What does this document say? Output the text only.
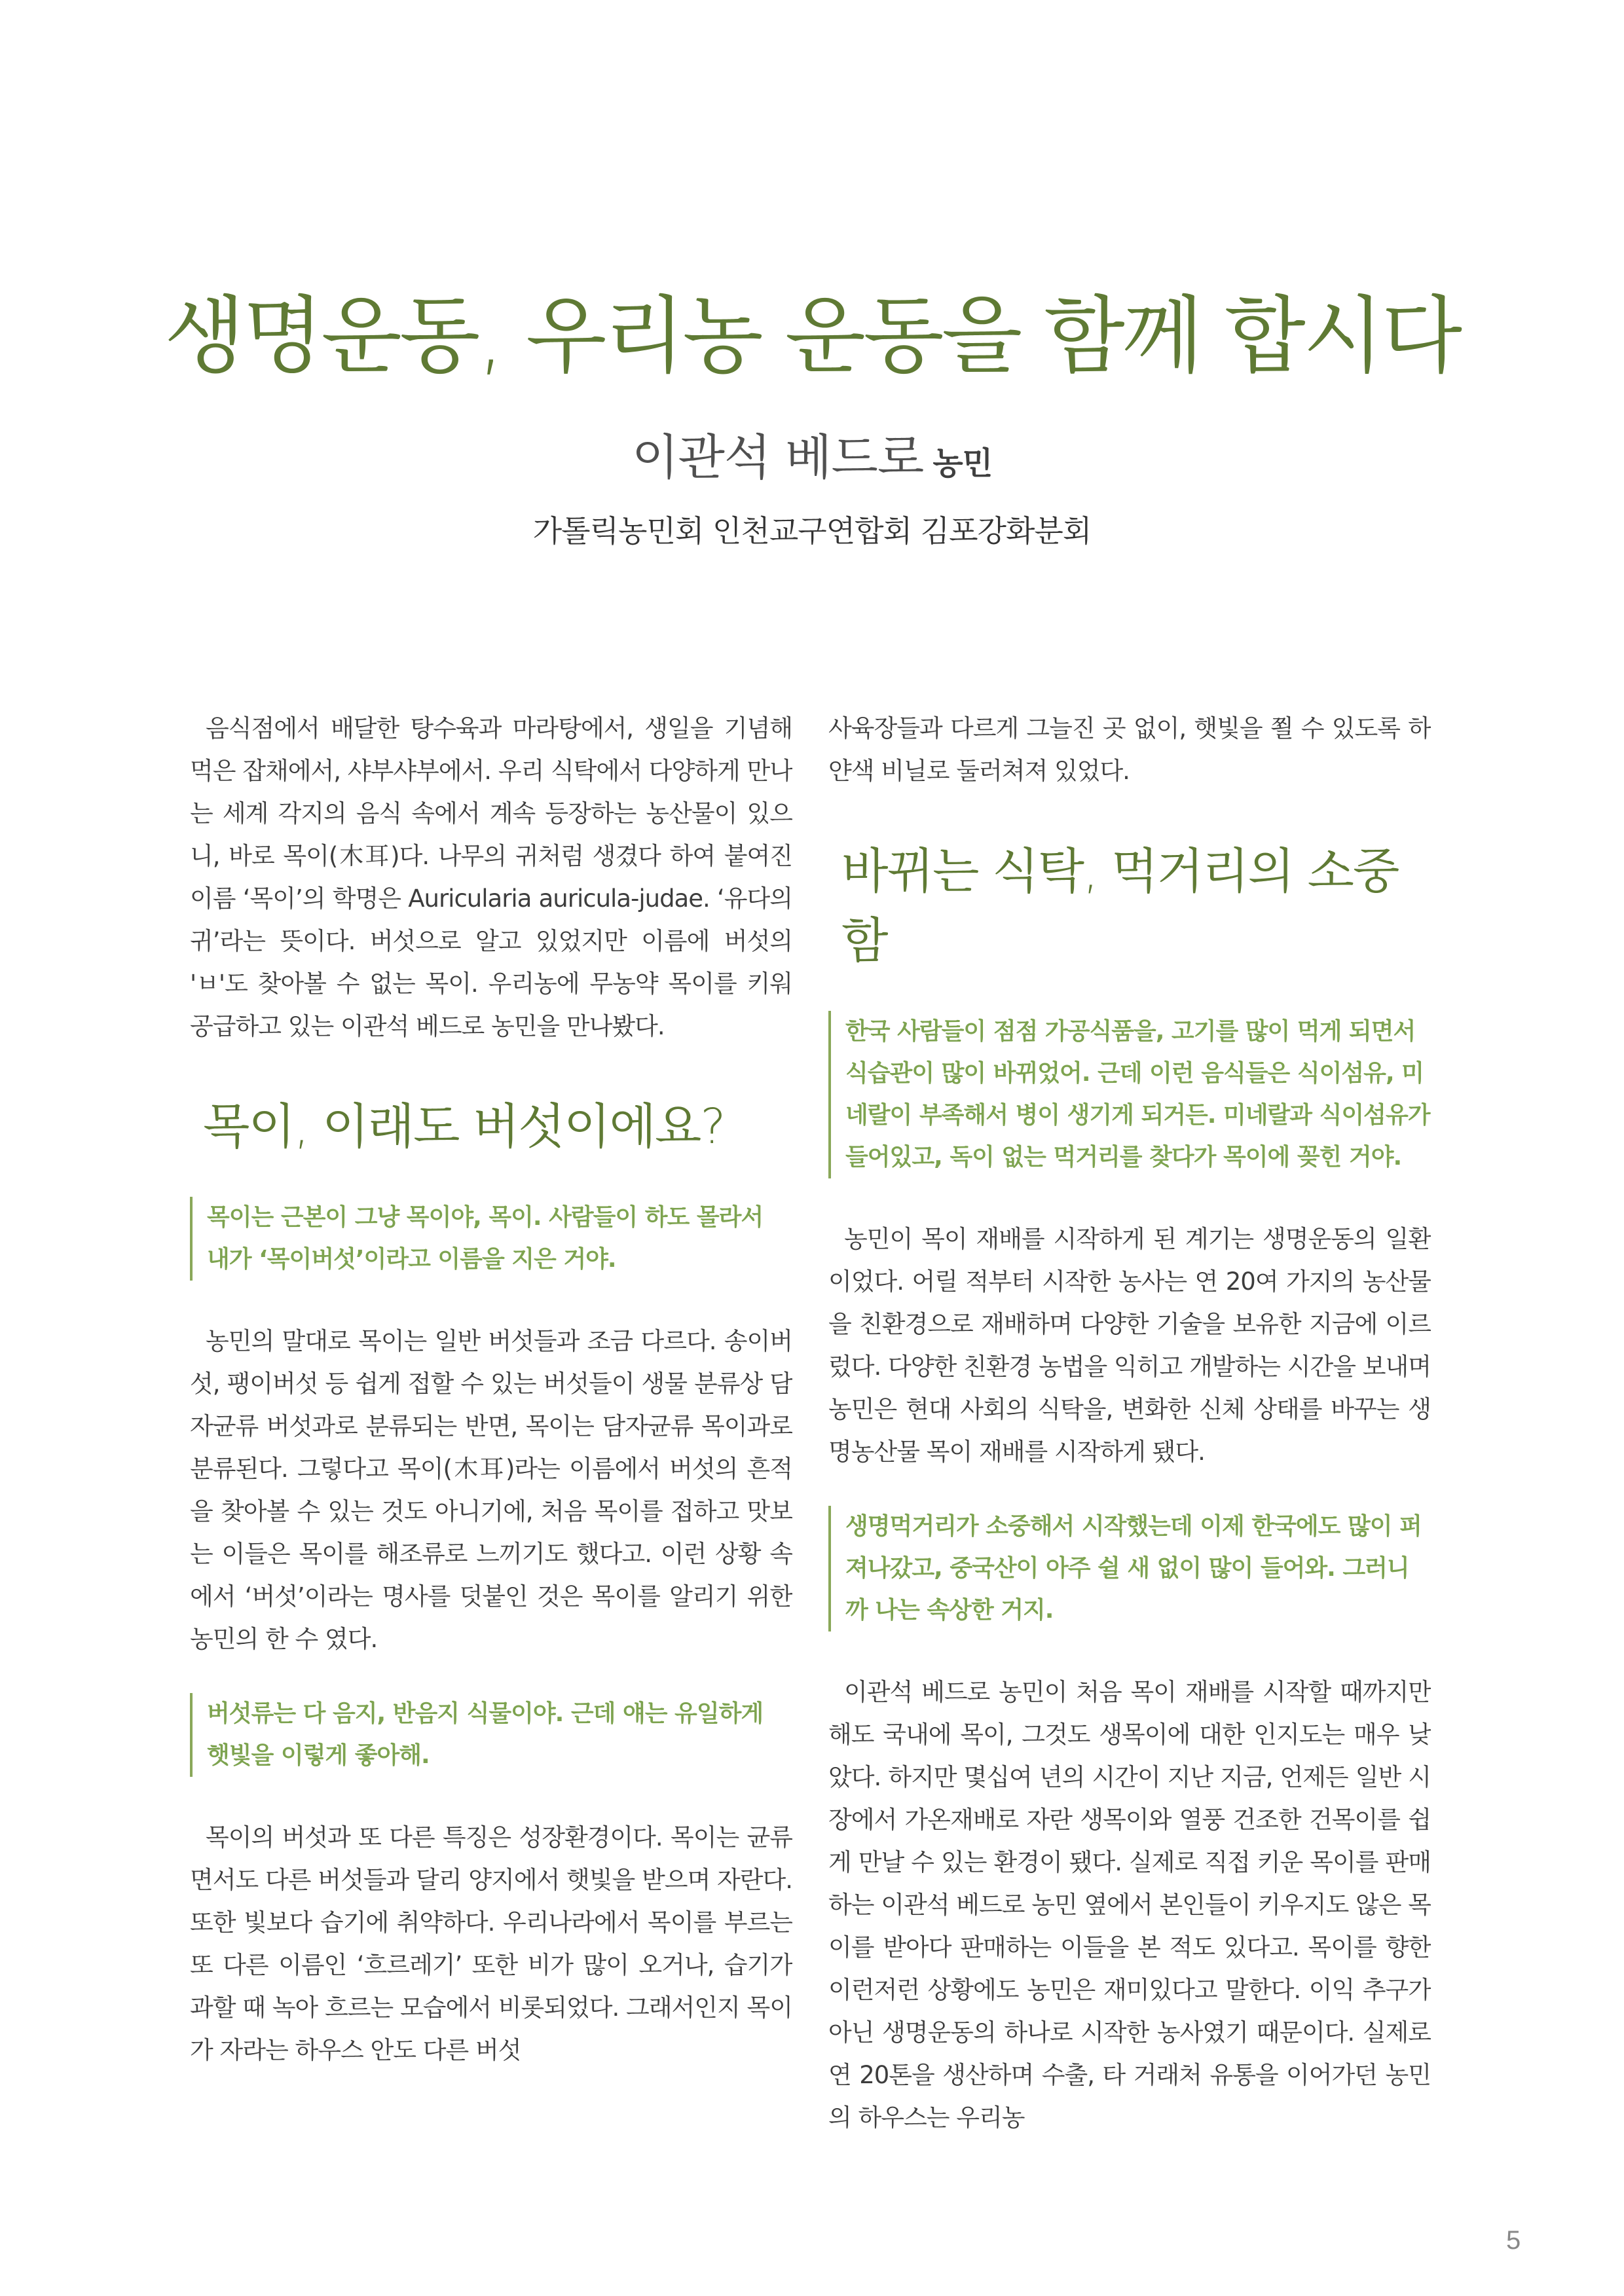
생명운동, 우리농 운동을 함께 합시다

이관석 베드로 농민

가톨릭농민회 인천교구연합회 김포강화분회

음식점에서 배달한 탕수육과 마라탕에서, 생일을 기념해 먹은 잡채에서, 샤부샤부에서. 우리 식탁에서 다양하게 만나는 세계 각지의 음식 속에서 계속 등장하는 농산물이 있으니, 바로 목이(木耳)다. 나무의 귀처럼 생겼다 하여 붙여진 이름 ‘목이’의 학명은 Auricularia auricula-judae. ‘유다의 귀’라는 뜻이다. 버섯으로 알고 있었지만 이름에 버섯의 'ㅂ'도 찾아볼 수 없는 목이. 우리농에 무농약 목이를 키워 공급하고 있는 이관석 베드로 농민을 만나봤다.

목이, 이래도 버섯이에요?
목이는 근본이 그냥 목이야, 목이. 사람들이 하도 몰라서 내가 ‘목이버섯’이라고 이름을 지은 거야.

농민의 말대로 목이는 일반 버섯들과 조금 다르다. 송이버섯, 팽이버섯 등 쉽게 접할 수 있는 버섯들이 생물 분류상 담자균류 버섯과로 분류되는 반면, 목이는 담자균류 목이과로 분류된다. 그렇다고 목이(木耳)라는 이름에서 버섯의 흔적을 찾아볼 수 있는 것도 아니기에, 처음 목이를 접하고 맛보는 이들은 목이를 해조류로 느끼기도 했다고. 이런 상황 속에서 ‘버섯’이라는 명사를 덧붙인 것은 목이를 알리기 위한 농민의 한 수 였다.

버섯류는 다 음지, 반음지 식물이야. 근데 얘는 유일하게 햇빛을 이렇게 좋아해.

목이의 버섯과 또 다른 특징은 성장환경이다. 목이는 균류면서도 다른 버섯들과 달리 양지에서 햇빛을 받으며 자란다. 또한 빛보다 습기에 취약하다. 우리나라에서 목이를 부르는 또 다른 이름인 ‘흐르레기’ 또한 비가 많이 오거나, 습기가 과할 때 녹아 흐르는 모습에서 비롯되었다. 그래서인지 목이가 자라는 하우스 안도 다른 버섯

사육장들과 다르게 그늘진 곳 없이, 햇빛을 쬘 수 있도록 하얀색 비닐로 둘러쳐져 있었다.

바뀌는 식탁, 먹거리의 소중함
한국 사람들이 점점 가공식품을, 고기를 많이 먹게 되면서 식습관이 많이 바뀌었어. 근데 이런 음식들은 식이섬유, 미네랄이 부족해서 병이 생기게 되거든. 미네랄과 식이섬유가 들어있고, 독이 없는 먹거리를 찾다가 목이에 꽂힌 거야.

농민이 목이 재배를 시작하게 된 계기는 생명운동의 일환이었다. 어릴 적부터 시작한 농사는 연 20여 가지의 농산물을 친환경으로 재배하며 다양한 기술을 보유한 지금에 이르렀다. 다양한 친환경 농법을 익히고 개발하는 시간을 보내며 농민은 현대 사회의 식탁을, 변화한 신체 상태를 바꾸는 생명농산물 목이 재배를 시작하게 됐다.

생명먹거리가 소중해서 시작했는데 이제 한국에도 많이 퍼져나갔고, 중국산이 아주 쉴 새 없이 많이 들어와. 그러니까 나는 속상한 거지.

이관석 베드로 농민이 처음 목이 재배를 시작할 때까지만 해도 국내에 목이, 그것도 생목이에 대한 인지도는 매우 낮았다. 하지만 몇십여 년의 시간이 지난 지금, 언제든 일반 시장에서 가온재배로 자란 생목이와 열풍 건조한 건목이를 쉽게 만날 수 있는 환경이 됐다. 실제로 직접 키운 목이를 판매하는 이관석 베드로 농민 옆에서 본인들이 키우지도 않은 목이를 받아다 판매하는 이들을 본 적도 있다고. 목이를 향한 이런저런 상황에도 농민은 재미있다고 말한다. 이익 추구가 아닌 생명운동의 하나로 시작한 농사였기 때문이다. 실제로 연 20톤을 생산하며 수출, 타 거래처 유통을 이어가던 농민의 하우스는 우리농

5
